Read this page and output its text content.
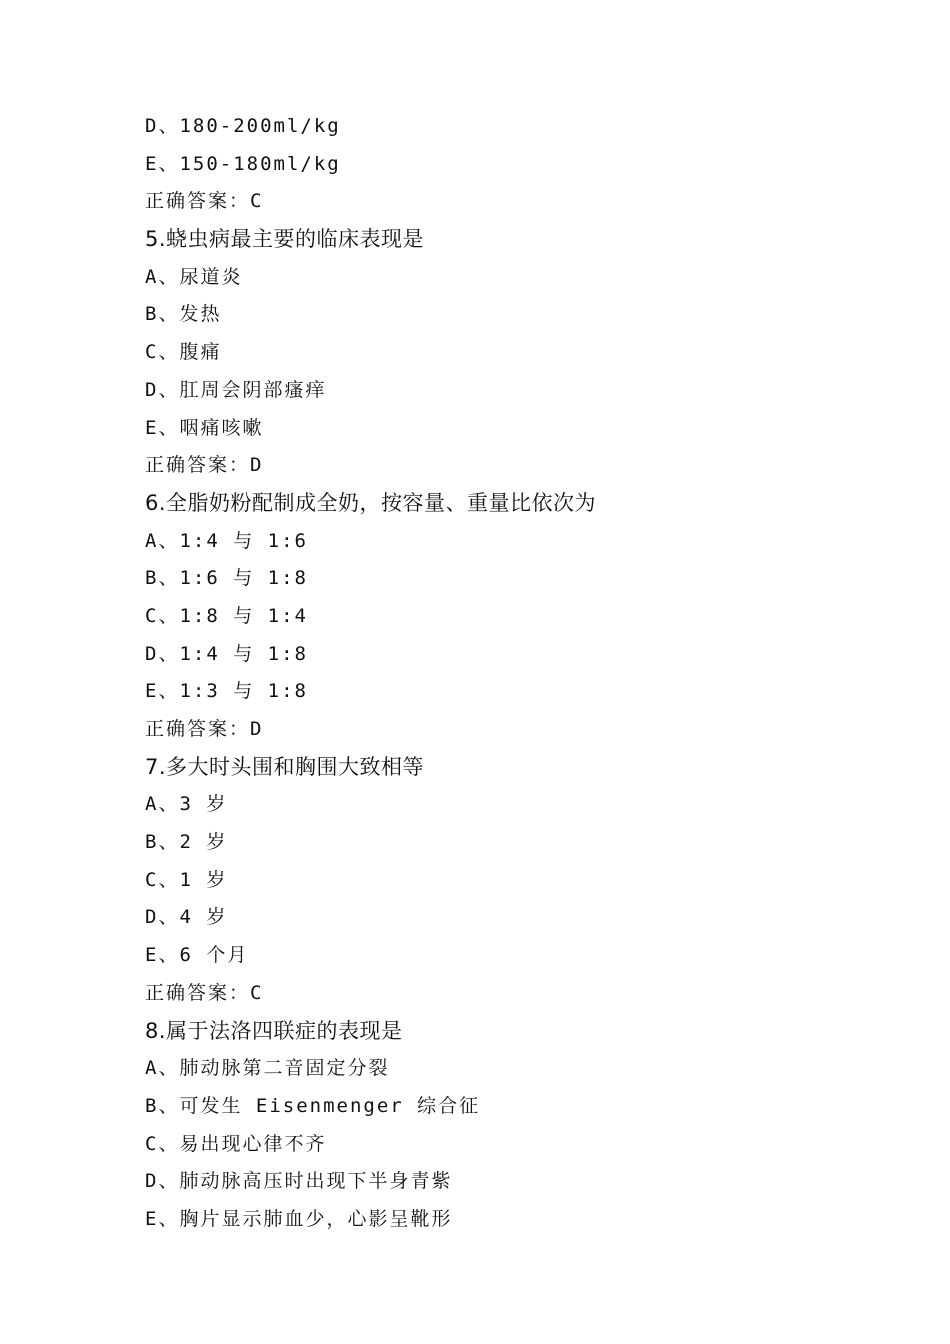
D、180-200ml/kg
E、150-180ml/kg
正确答案：C
5.蛲虫病最主要的临床表现是
A、尿道炎
B、发热
C、腹痛
D、肛周会阴部瘙痒
E、咽痛咳嗽
正确答案：D
6.全脂奶粉配制成全奶，按容量、重量比依次为
A、1:4 与 1:6
B、1:6 与 1:8
C、1:8 与 1:4
D、1:4 与 1:8
E、1:3 与 1:8
正确答案：D
7.多大时头围和胸围大致相等
A、3 岁
B、2 岁
C、1 岁
D、4 岁
E、6 个月
正确答案：C
8.属于法洛四联症的表现是
A、肺动脉第二音固定分裂
B、可发生 Eisenmenger 综合征
C、易出现心律不齐
D、肺动脉高压时出现下半身青紫
E、胸片显示肺血少，心影呈靴形
